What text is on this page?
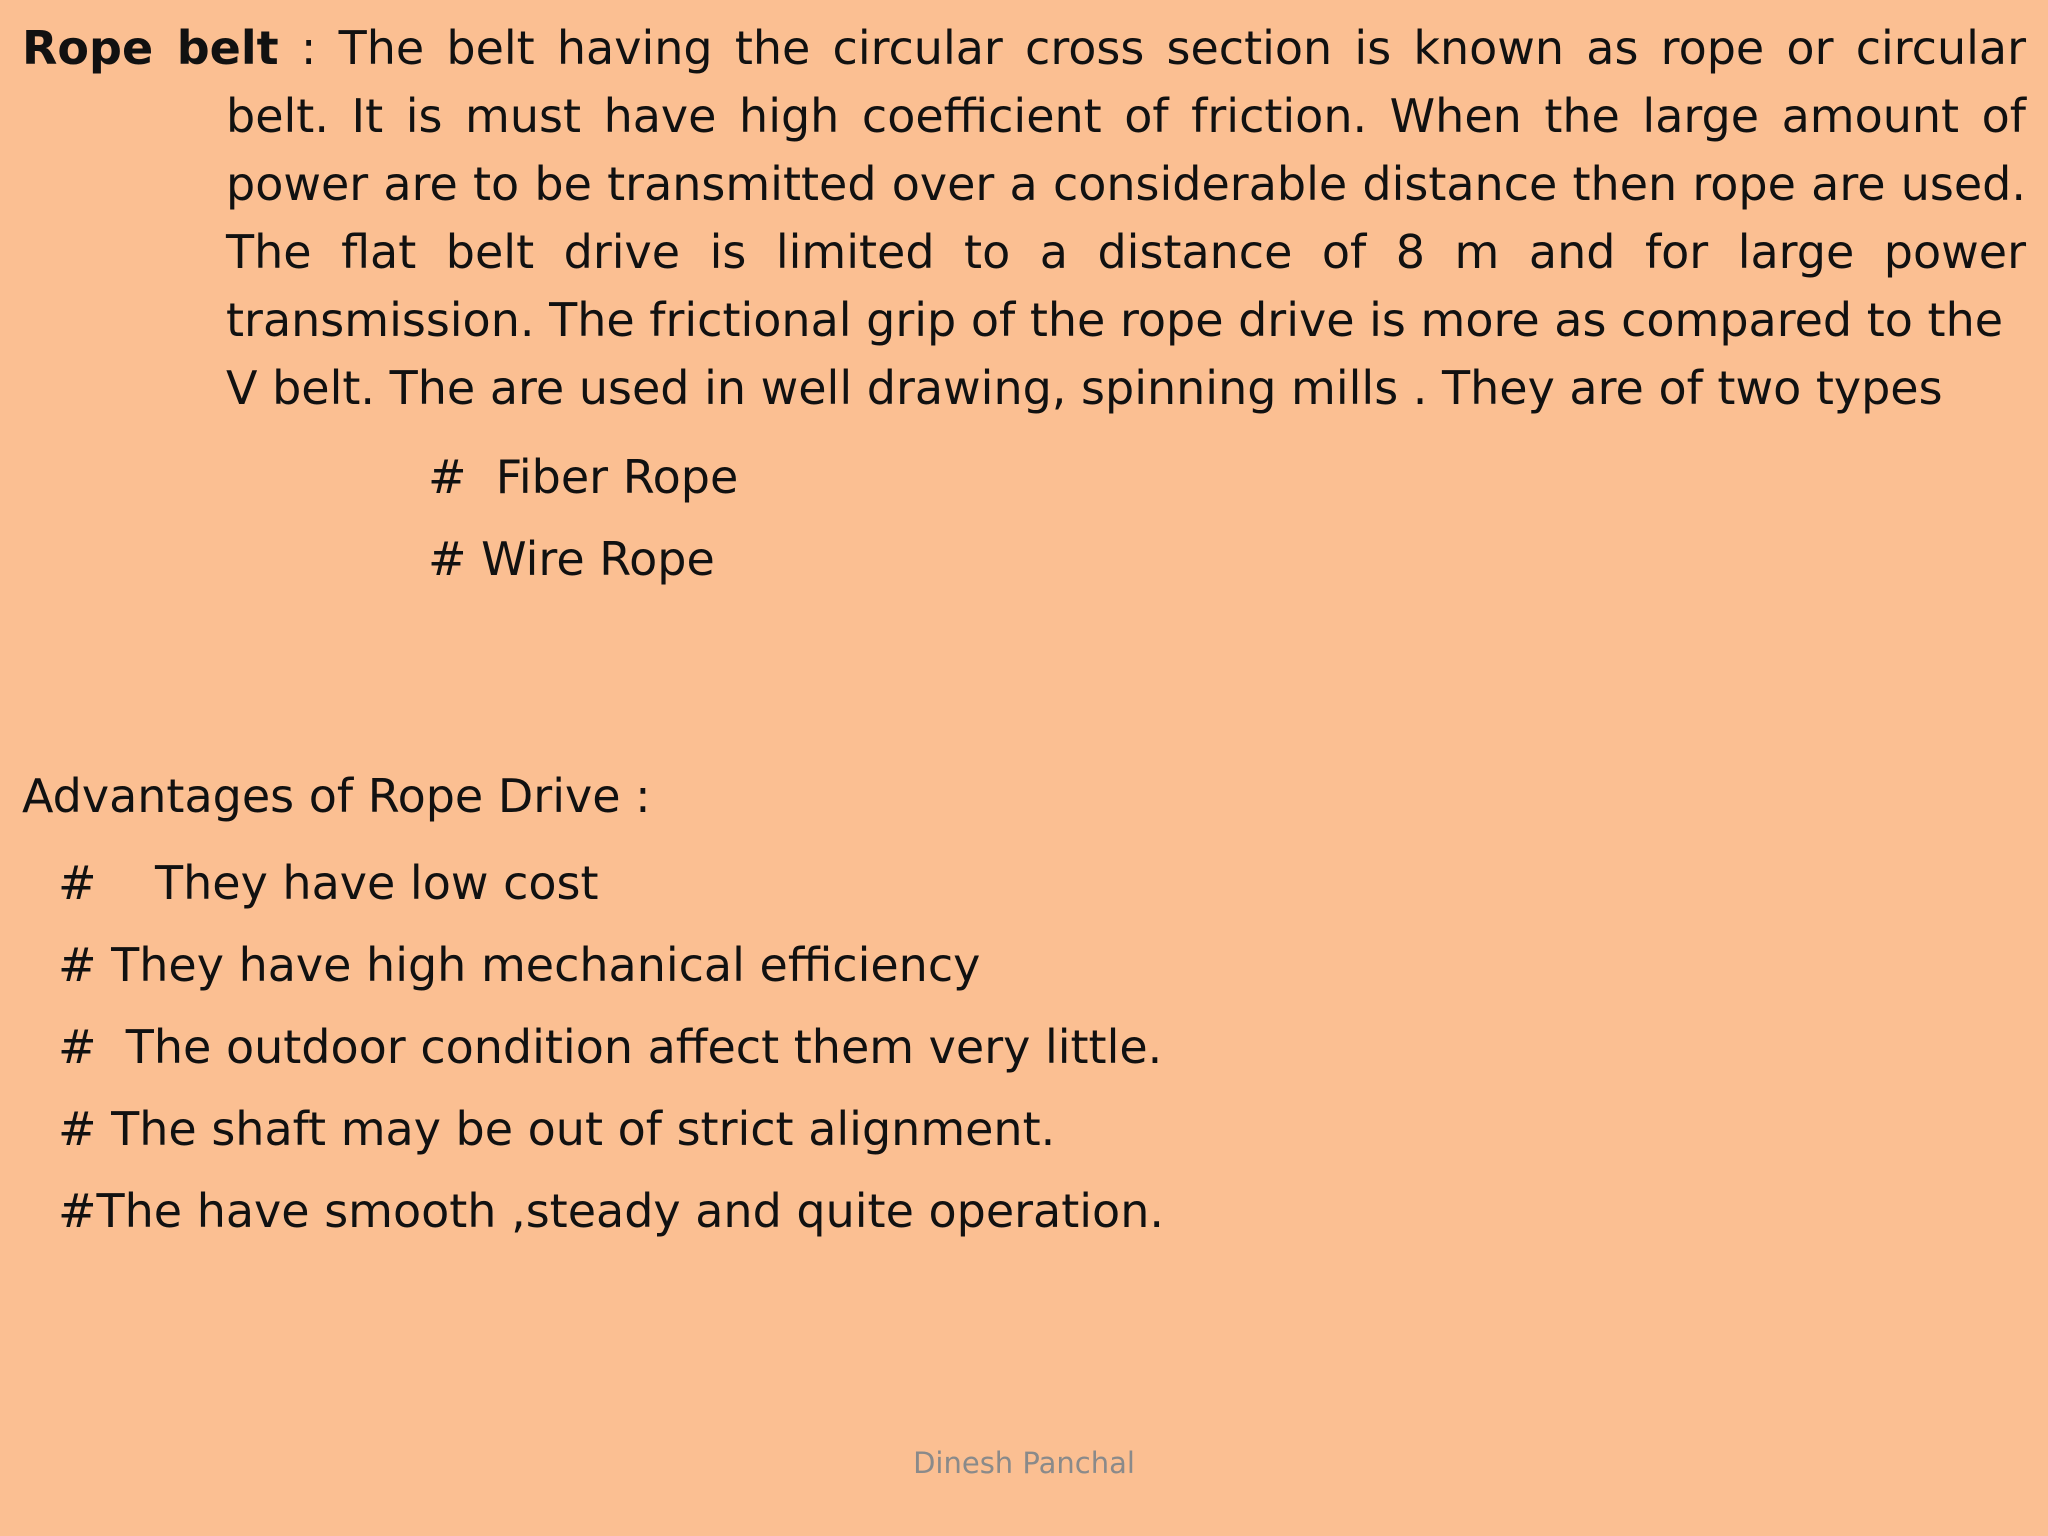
Rope belt : The belt having the circular cross section is known as rope or circular belt. It is must have high coefficient of friction. When the large amount of power are to be transmitted over a considerable distance then rope are used. The flat belt drive is limited to a distance of 8 m and for large power transmission. The frictional grip of the rope drive is more as compared to the
V belt. The are used in well drawing, spinning mills . They are of two types

#  Fiber Rope
# Wire Rope
Advantages of Rope Drive :
#    They have low cost
# They have high mechanical efficiency
#  The outdoor condition affect them very little.
# The shaft may be out of strict alignment.
#The have smooth ,steady and quite operation.
Dinesh Panchal
